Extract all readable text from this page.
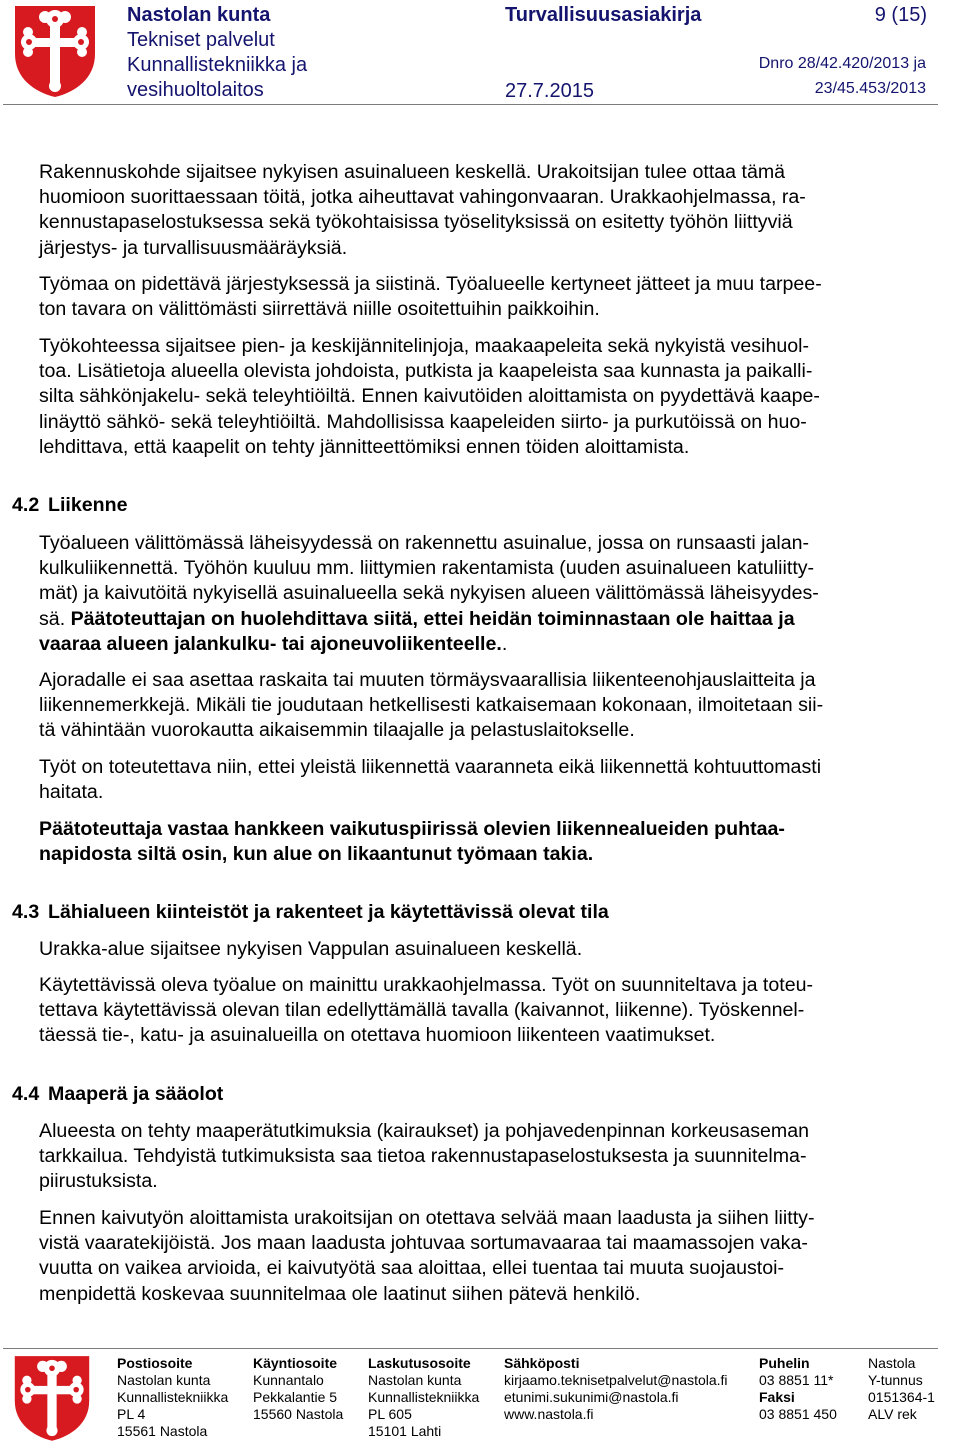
Nastolan kunta
Tekniset palvelut
Kunnallistekniikka ja
vesihuoltolaitos
Turvallisuusasiakirja
27.7.2015
9 (15)
Dnro 28/42.420/2013 ja
23/45.453/2013
Rakennuskohde sijaitsee nykyisen asuinalueen keskellä. Urakoitsijan tulee ottaa tämä
huomioon suorittaessaan töitä, jotka aiheuttavat vahingonvaaran. Urakkaohjelmassa, ra-
kennustapaselostuksessa sekä työkohtaisissa työselityksissä on esitetty työhön liittyviä
järjestys- ja turvallisuusmääräyksiä.
Työmaa on pidettävä järjestyksessä ja siistinä. Työalueelle kertyneet jätteet ja muu tarpee-
ton tavara on välittömästi siirrettävä niille osoitettuihin paikkoihin.
Työkohteessa sijaitsee pien- ja keskijännitelinjoja, maakaapeleita sekä nykyistä vesihuol-
toa. Lisätietoja alueella olevista johdoista, putkista ja kaapeleista saa kunnasta ja paikalli-
silta sähkönjakelu- sekä teleyhtiöiltä. Ennen kaivutöiden aloittamista on pyydettävä kaape-
linäyttö sähkö- sekä teleyhtiöiltä. Mahdollisissa kaapeleiden siirto- ja purkutöissä on huo-
lehdittava, että kaapelit on tehty jännitteettömiksi ennen töiden aloittamista.
4.2 Liikenne
Työalueen välittömässä läheisyydessä on rakennettu asuinalue, jossa on runsaasti jalan-
kulkuliikennettä. Työhön kuuluu mm. liittymien rakentamista (uuden asuinalueen katuliitty-
mät) ja kaivutöitä nykyisellä asuinalueella sekä nykyisen alueen välittömässä läheisyydes-
sä. Päätoteuttajan on huolehdittava siitä, ettei heidän toiminnastaan ole haittaa ja
vaaraa alueen jalankulku- tai ajoneuvoliikenteelle..
Ajoradalle ei saa asettaa raskaita tai muuten törmäysvaarallisia liikenteenohjauslaitteita ja
liikennemerkkejä. Mikäli tie joudutaan hetkellisesti katkaisemaan kokonaan, ilmoitetaan sii-
tä vähintään vuorokautta aikaisemmin tilaajalle ja pelastuslaitokselle.
Työt on toteutettava niin, ettei yleistä liikennettä vaaranneta eikä liikennettä kohtuuttomasti
haitata.
Päätoteuttaja vastaa hankkeen vaikutuspiirissä olevien liikennealueiden puhtaa-
napidosta siltä osin, kun alue on likaantunut työmaan takia.
4.3 Lähialueen kiinteistöt ja rakenteet ja käytettävissä olevat tila
Urakka-alue sijaitsee nykyisen Vappulan asuinalueen keskellä.
Käytettävissä oleva työalue on mainittu urakkaohjelmassa. Työt on suunniteltava ja toteu-
tettava käytettävissä olevan tilan edellyttämällä tavalla (kaivannot, liikenne). Työskennel-
täessä tie-, katu- ja asuinalueilla on otettava huomioon liikenteen vaatimukset.
4.4 Maaperä ja sääolot
Alueesta on tehty maaperätutkimuksia (kairaukset) ja pohjavedenpinnan korkeusaseman
tarkkailua. Tehdyistä tutkimuksista saa tietoa rakennustapaselostuksesta ja suunnitelma-
piirustuksista.
Ennen kaivutyön aloittamista urakoitsijan on otettava selvää maan laadusta ja siihen liitty-
vistä vaaratekijöistä. Jos maan laadusta johtuvaa sortumavaaraa tai maamassojen vaka-
vuutta on vaikea arvioida, ei kaivutyötä saa aloittaa, ellei tuentaa tai muuta suojaustoi-
menpidettä koskevaa suunnitelmaa ole laatinut siihen pätevä henkilö.
Postiosoite
Nastolan kunta
Kunnallistekniikka
PL 4
15561 Nastola
Käyntiosoite
Kunnantalo
Pekkalantie 5
15560 Nastola
Laskutusosoite
Nastolan kunta
Kunnallistekniikka
PL 605
15101 Lahti
Sähköposti
kirjaamo.teknisetpalvelut@nastola.fi
etunimi.sukunimi@nastola.fi
www.nastola.fi
Puhelin
03 8851 11*
Faksi
03 8851 450
Nastola
Y-tunnus
0151364-1
ALV rek
